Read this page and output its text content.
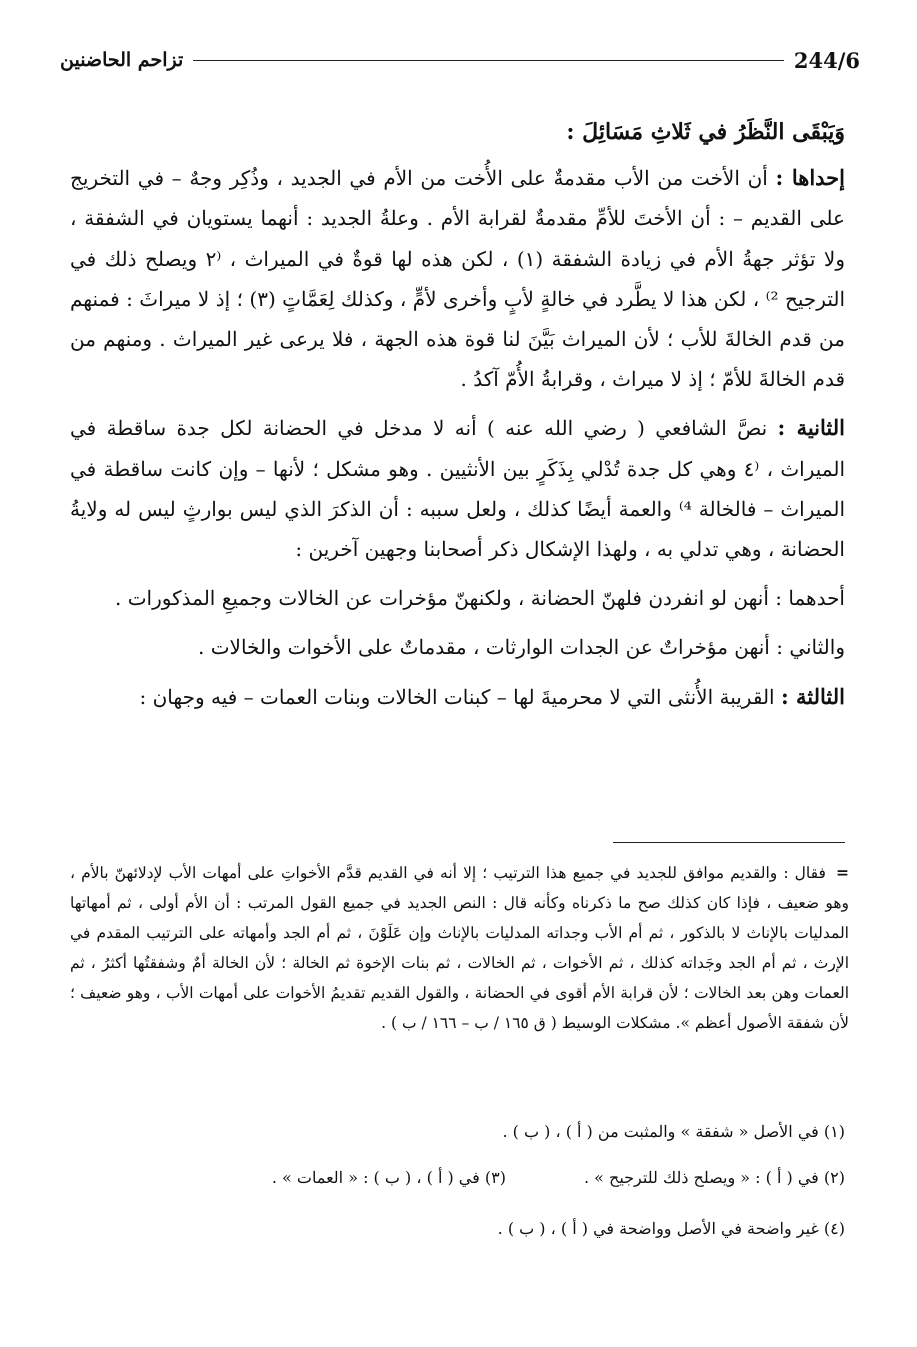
244/6
تزاحم الحاضنين

وَيَبْقَى النَّظَرُ في ثَلاثِ مَسَائِلَ :

إحداها : أن الأخت من الأب مقدمةٌ على الأُخت من الأم في الجديد ، وذُكِر وجهٌ – في التخريج على القديم – : أن الأختَ للأمِّ مقدمةٌ لقرابة الأم . وعلةُ الجديد : أنهما يستويان في الشفقة ، ولا تؤثر جهةُ الأم في زيادة الشفقة (١) ، لكن هذه لها قوةٌ في الميراث ، ⁽٢ ويصلح ذلك في الترجيح ²⁾ ، لكن هذا لا يطَّرد في خالةٍ لأبٍ وأخرى لأمٍّ ، وكذلك لِعَمَّاتٍ (٣) ؛ إذ لا ميراثَ : فمنهم من قدم الخالةَ للأب ؛ لأن الميراث بَيَّنَ لنا قوة هذه الجهة ، فلا يرعى غير الميراث . ومنهم من قدم الخالةَ للأمّ ؛ إذ لا ميراث ، وقرابةُ الأُمّ آكدُ .

الثانية : نصَّ الشافعي ( رضي الله عنه ) أنه لا مدخل في الحضانة لكل جدة ساقطة في الميراث ، ⁽٤ وهي كل جدة تُدْلي بِذَكَرٍ بين الأنثيين . وهو مشكل ؛ لأنها – وإن كانت ساقطة في الميراث – فالخالة ⁴⁾ والعمة أيضًا كذلك ، ولعل سببه : أن الذكرَ الذي ليس بوارثٍ ليس له ولايةُ الحضانة ، وهي تدلي به ، ولهذا الإشكال ذكر أصحابنا وجهين آخرين :

أحدهما : أنهن لو انفردن فلهنّ الحضانة ، ولكنهنّ مؤخرات عن الخالات وجميعِ المذكورات .

والثاني : أنهن مؤخراتٌ عن الجدات الوارثات ، مقدماتٌ على الأخوات والخالات .

الثالثة : القريبة الأُنثى التي لا محرميةَ لها – كبنات الخالات وبنات العمات – فيه وجهان :

= فقال : والقديم موافق للجديد في جميع هذا الترتيب ؛ إلا أنه في القديم قدَّم الأخواتِ على أمهات الأب لإدلائهنّ بالأم ، وهو ضعيف ، فإذا كان كذلك صح ما ذكرناه وكأنه قال : النص الجديد في جميع القول المرتب : أن الأم أولى ، ثم أمهاتها المدليات بالإناث لا بالذكور ، ثم أم الأب وجداته المدليات بالإناث وإن عَلَوْنَ ، ثم أم الجد وأمهاته على الترتيب المقدم في الإرث ، ثم أم الجد وجَداته كذلك ، ثم الأخوات ، ثم الخالات ، ثم بنات الإخوة ثم الخالة ؛ لأن الخالة أمٌ وشفقتُها أكثرُ ، ثم العمات وهن بعد الخالات ؛ لأن قرابة الأم أقوى في الحضانة ، والقول القديم تقديمُ الأخوات على أمهات الأب ، وهو ضعيف ؛ لأن شفقة الأصول أعظم ». مشكلات الوسيط ( ق ١٦٥ / ب – ١٦٦ / ب ) .

(١) في الأصل « شفقة » والمثبت من ( أ ) ، ( ب ) .
(٢) في ( أ ) : « ويصلح ذلك للترجيح » .
(٣) في ( أ ) ، ( ب ) : « العمات » .
(٤) غير واضحة في الأصل وواضحة في ( أ ) ، ( ب ) .
